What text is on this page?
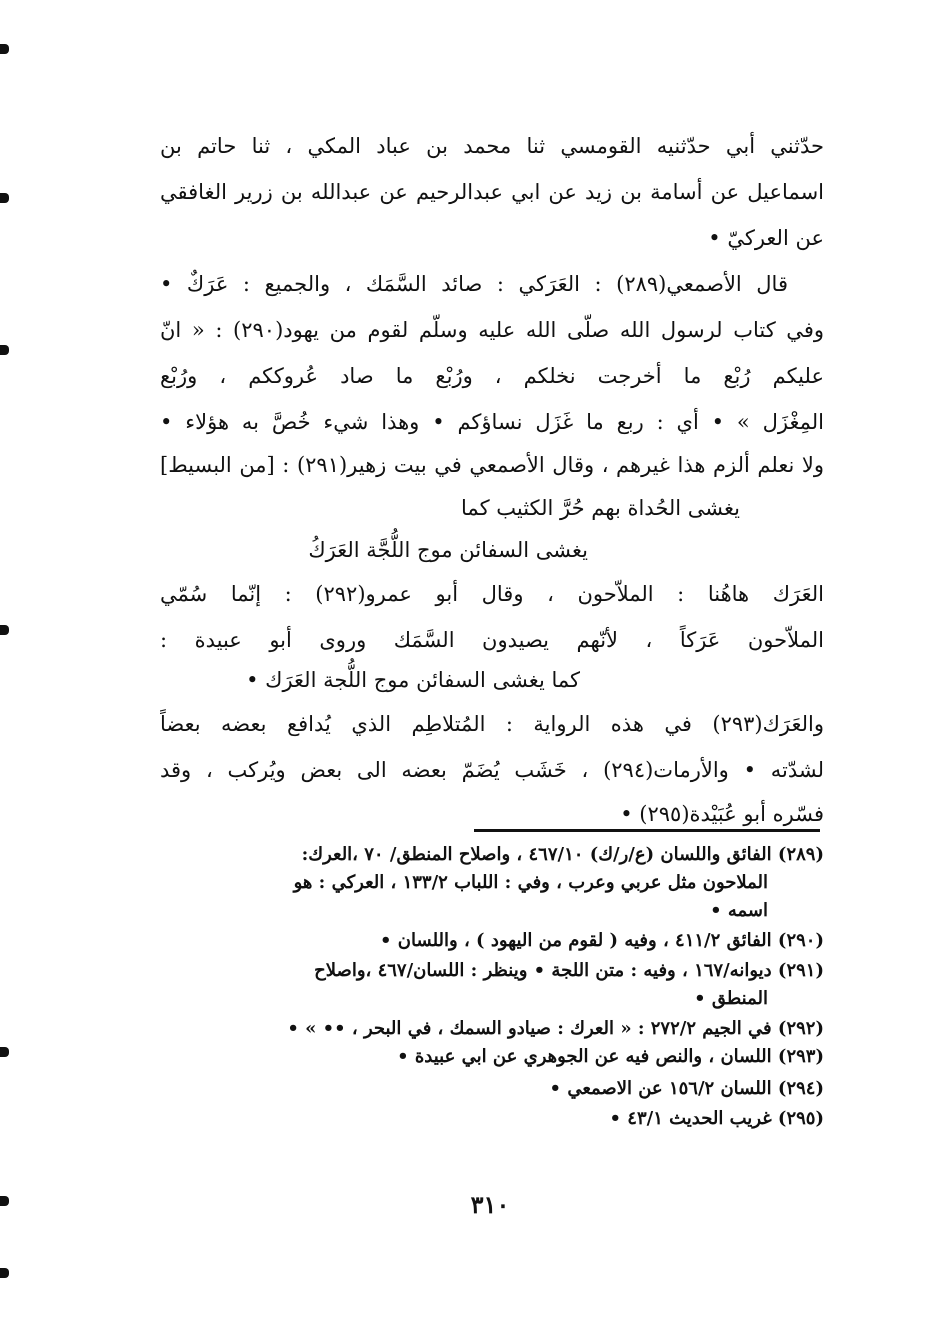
حدّثني أبي حدّثنيه القومسي ثنا محمد بن عباد المكي ، ثنا حاتم بن
اسماعيل عن أسامة بن زيد عن ابي عبدالرحيم عن عبدالله بن زرير الغافقي
عن العركيّ •
قال الأصمعي(٢٨٩) : العَرَكي : صائد السَّمَك ، والجميع : عَرَكٌ •
وفي كتاب لرسول الله صلّى الله عليه وسلّم لقوم من يهود(٢٩٠) : « انّ
عليكم رُبْع ما أخرجت نخلكم ، ورُبْع ما صاد عُروككم ، ورُبْع
المِغْزَل » • أي : ربع ما غَزَل نساؤكم • وهذا شيء خُصَّ به هؤلاء •
ولا نعلم ألزم هذا غيرهم ، وقال الأصمعي في بيت زهير(٢٩١) : [من البسيط]
يغشى الحُداة بهم حُرَّ الكثيب كما
يغشى السفائن موج اللُّجَّة العَرَكُ
العَرَك هاهُنا : الملاّحون ، وقال أبو عمرو(٢٩٢) : إنّما سُمّي
الملاّحون عَرَكاً ، لأنّهم يصيدون السَّمَك وروى أبو عبيدة :
كما يغشى السفائن موج اللُّجة العَرَك •
والعَرَك(٢٩٣) في هذه الرواية : المُتلاطِم الذي يُدافع بعضه بعضاً
لشدّته • والأرمات(٢٩٤) ، خَشَب يُضَمّ بعضه الى بعض ويُركب ، وقد
فسّره أبو عُبَيْدة(٢٩٥) •
(٢٨٩) الفائق واللسان (ع/ر/ك) ٤٦٧/١٠ ، واصلاح المنطق/ ٧٠ ،العرك:
الملاحون مثل عربي وعرب ، وفي : اللباب ١٣٣/٢ ، العركي : هو
اسمه •
(٢٩٠) الفائق ٤١١/٢ ، وفيه ( لقوم من اليهود ) ، واللسان •
(٢٩١) ديوانه/١٦٧ ، وفيه : متن اللجة • وينظر : اللسان/٤٦٧ ،واصلاح
المنطق •
(٢٩٢) في الجيم ٢٧٢/٢ : « العرك : صيادو السمك ، في البحر ، •• » •
(٢٩٣) اللسان ، والنص فيه عن الجوهري عن ابي عبيدة •
(٢٩٤) اللسان ١٥٦/٢ عن الاصمعي •
(٢٩٥) غريب الحديث ٤٣/١ •
٣١٠
